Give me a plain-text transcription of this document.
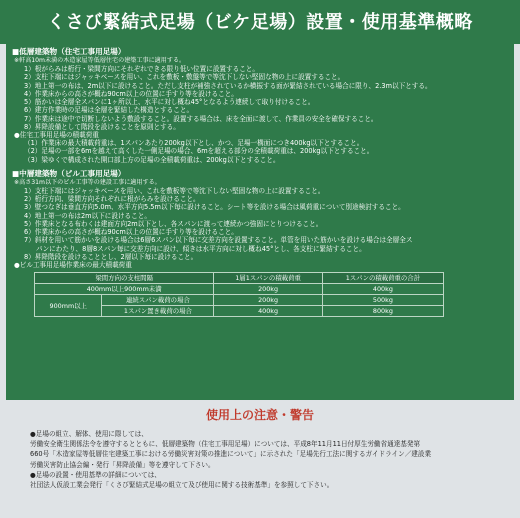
くさび緊結式足場（ビケ足場）設置・使用基準概略
■低層建築物（住宅工事用足場）
※軒高10m未満の木造家屋等低層住宅の建築工事に適用する。
1）根がらみは桁行・梁間方向にそれぞれできる限り低い位置に設置すること。
2）支柱下端にはジャッキベースを用い、これを敷板・敷盤等で等沈下しない堅固な物の上に設置すること。
3）地上第一の布は、2m以下に設けること。ただし支柱が補強されているか横振する面が緊結されている場合に限り、2.3m以下とする。
4）作業床からの高さが概ね90cm以上の位置に手すり等を設けること。
5）筋かいは全層全スパンに1ヶ所以上、水平に対し概ね45°となるよう連続して取り付けること。
6）建方作業時の足場は全層を緊結した構造とすること。
7）作業床は途中で切断しないよう敷設すること。設置する場合は、床を全面に渡して、作業員の安全を確保すること。
8）昇降設備として階段を設けることを原則とする。
●住宅工事用足場の積載荷重
（1）作業床の最大積載荷重は、1スパンあたり200kg以下とし、かつ、足場一構面につき400kg以下とすること。
（2）足場の一部を6mを越えて高くした一側足場の場合、6mを超える部分の全積載荷重は、200kg以下とすること。
（3）梁ゆくで構成された開口部上方の足場の全積載荷重は、200kg以下とすること。
■中層建築物（ビル工事用足場）
※高さ31m以下のビル工事等の建設工事に適用する。
1）支柱下端にはジャッキベースを用い、これを敷板等で等沈下しない堅固な物の上に設置すること。
2）桁行方向、梁間方向それぞれに根がらみを設けること。
3）壁つなぎは垂直方向5.0m、水平方向5.5m以下毎に設けること。シート等を設ける場合は風荷重について別途検討すること。
4）地上第一の布は2m以下に設けること。
5）作業床となる布わくは建面方向2m以下とし、各スパンに渡って連続かつ強固にとりつけること。
6）作業床からの高さが概ね90cm以上の位置に手すり等を設けること。
7）斜材を用いて筋かいを設ける場合は6層6スパン以下毎に交差方向を設置すること。単管を用いた筋かいを設ける場合は全層全ス
パンにわたり、8層8スパン毎に交差方向に設け、傾きは水平方向に対し概ね45°とし、各支柱に緊結すること。
8）昇降階段を設けることとし、2層以下毎に設けること。
●ビル工事用足場作業床の最大積載荷重
梁間方向の支柱間隔		1層1スパンの積載荷重	1スパンの積載荷重の合計
400mm以上900mm未満		200kg	400kg
900mm以上	連続スパン載荷の場合	200kg	500kg
	1スパン置き載荷の場合	400kg	800kg
使用上の注意・警告
●足場の組立、解体、使用に際しては、
労働安全衛生関係法令を遵守するとともに、低層建築物（住宅工事用足場）については、平成8年11月11日付厚生労働省通達基発第
660号「木造家屋等低層住宅建築工事における労働災害対策の推進について」に示された「足場先行工法に関するガイドライン／建設業
労働災害防止協会編・発行「昇降設備」等を遵守して下さい。
●足場の設置・使用基準の詳細については、
社団法人仮設工業会発行「くさび緊結式足場の組立て及び使用に関する技術基準」を参照して下さい。
